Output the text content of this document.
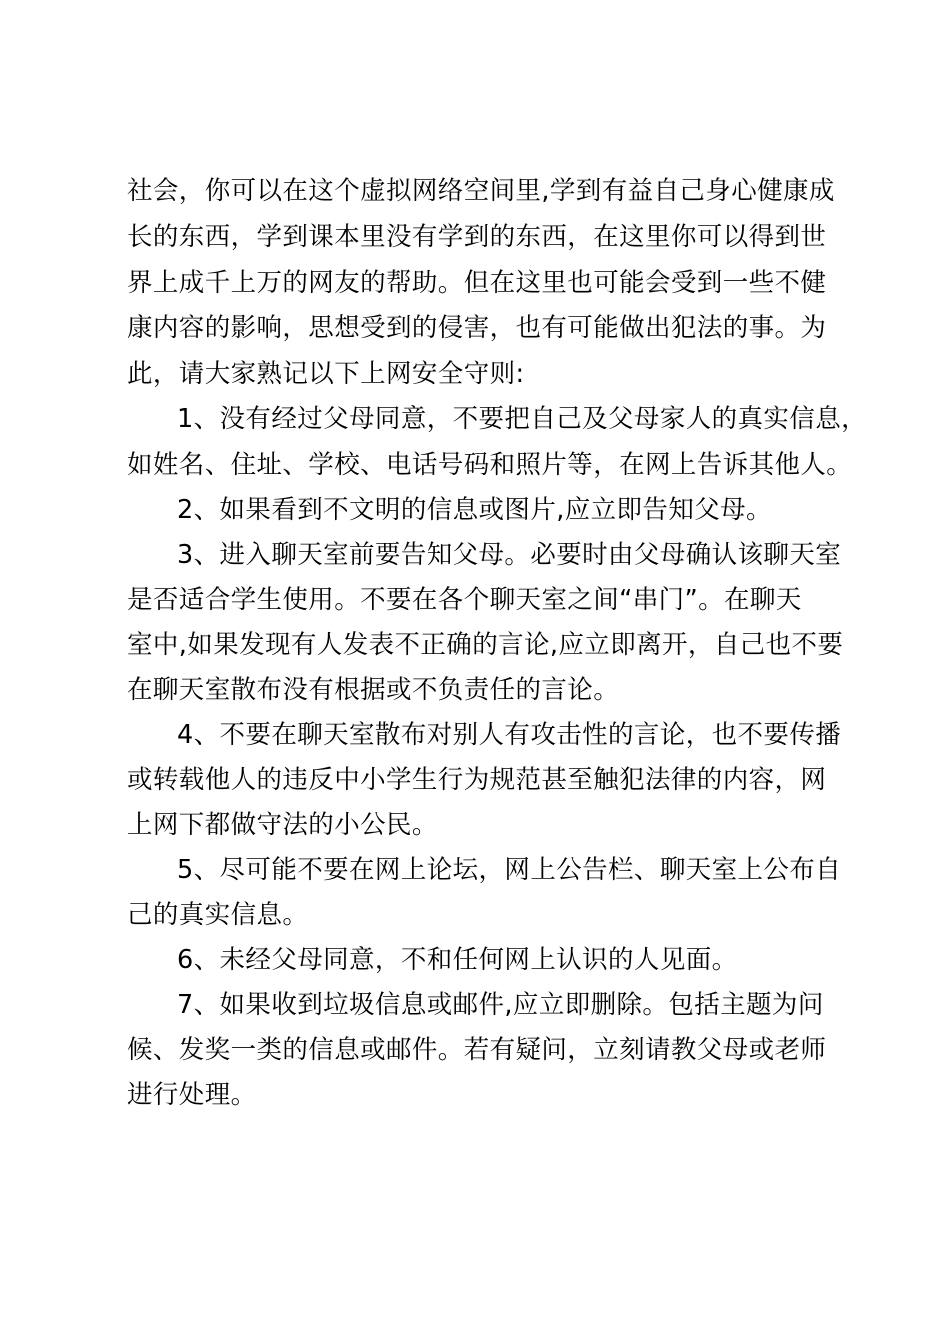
社会，你可以在这个虚拟网络空间里,学到有益自己身心健康成
长的东西，学到课本里没有学到的东西，在这里你可以得到世
界上成千上万的网友的帮助。但在这里也可能会受到一些不健
康内容的影响，思想受到的侵害，也有可能做出犯法的事。为
此，请大家熟记以下上网安全守则:
1、没有经过父母同意，不要把自己及父母家人的真实信息，
如姓名、住址、学校、电话号码和照片等，在网上告诉其他人。
2、如果看到不文明的信息或图片,应立即告知父母。
3、进入聊天室前要告知父母。必要时由父母确认该聊天室
是否适合学生使用。不要在各个聊天室之间“串门”。在聊天
室中,如果发现有人发表不正确的言论,应立即离开，自己也不要
在聊天室散布没有根据或不负责任的言论。
4、不要在聊天室散布对别人有攻击性的言论，也不要传播
或转载他人的违反中小学生行为规范甚至触犯法律的内容，网
上网下都做守法的小公民。
5、尽可能不要在网上论坛，网上公告栏、聊天室上公布自
己的真实信息。
6、未经父母同意，不和任何网上认识的人见面。
7、如果收到垃圾信息或邮件,应立即删除。包括主题为问
候、发奖一类的信息或邮件。若有疑问，立刻请教父母或老师
进行处理。
